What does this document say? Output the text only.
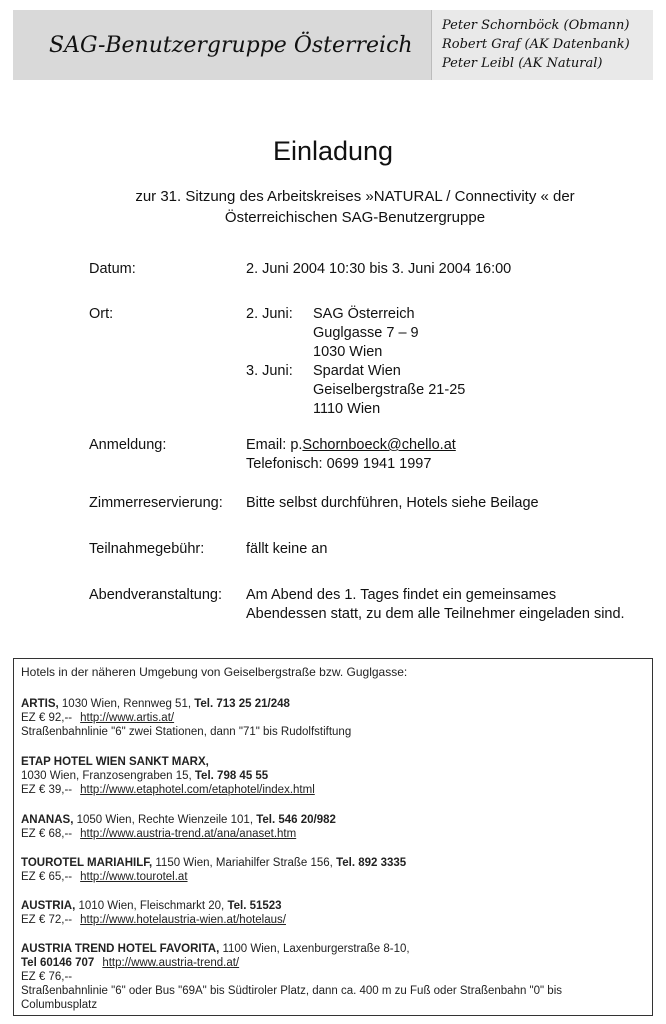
SAG-Benutzergruppe Österreich
Peter Schornböck (Obmann)
Robert Graf (AK Datenbank)
Peter Leibl (AK Natural)
Einladung
zur 31. Sitzung des Arbeitskreises »NATURAL / Connectivity « der
Österreichischen SAG-Benutzergruppe
Datum:	2. Juni 2004 10:30 bis 3. Juni 2004 16:00
Ort:	2. Juni: SAG Österreich
Guglgasse 7 – 9
1030 Wien
3. Juni: Spardat Wien
Geiselbergstraße 21-25
1110 Wien
Anmeldung:	Email: p.Schornboeck@chello.at
Telefonisch: 0699 1941 1997
Zimmerreservierung: Bitte selbst durchführen, Hotels siehe Beilage
Teilnahmegebühr:	fällt keine an
Abendveranstaltung: Am Abend des 1. Tages findet ein gemeinsames
Abendessen statt, zu dem alle Teilnehmer eingeladen sind.
Hotels in der näheren Umgebung von Geiselbergstraße bzw. Guglgasse:
ARTIS, 1030 Wien, Rennweg 51, Tel. 713 25 21/248
EZ € 92,-- http://www.artis.at/
Straßenbahnlinie "6" zwei Stationen, dann "71" bis Rudolfstiftung
ETAP HOTEL WIEN SANKT MARX,
1030 Wien, Franzosengraben 15, Tel. 798 45 55
EZ € 39,-- http://www.etaphotel.com/etaphotel/index.html
ANANAS, 1050 Wien, Rechte Wienzeile 101, Tel. 546 20/982
EZ € 68,-- http://www.austria-trend.at/ana/anaset.htm
TOUROTEL MARIAHILF, 1150 Wien, Mariahilfer Straße 156, Tel. 892 3335
EZ € 65,-- http://www.tourotel.at
AUSTRIA, 1010 Wien, Fleischmarkt 20, Tel. 51523
EZ € 72,-- http://www.hotelaustria-wien.at/hotelaus/
AUSTRIA TREND HOTEL FAVORITA, 1100 Wien, Laxenburgerstraße 8-10,
Tel 60146 707 http://www.austria-trend.at/
EZ € 76,--
Straßenbahnlinie "6" oder Bus "69A" bis Südtiroler Platz, dann ca. 400 m zu Fuß oder Straßenbahn "0" bis
Columbusplatz
